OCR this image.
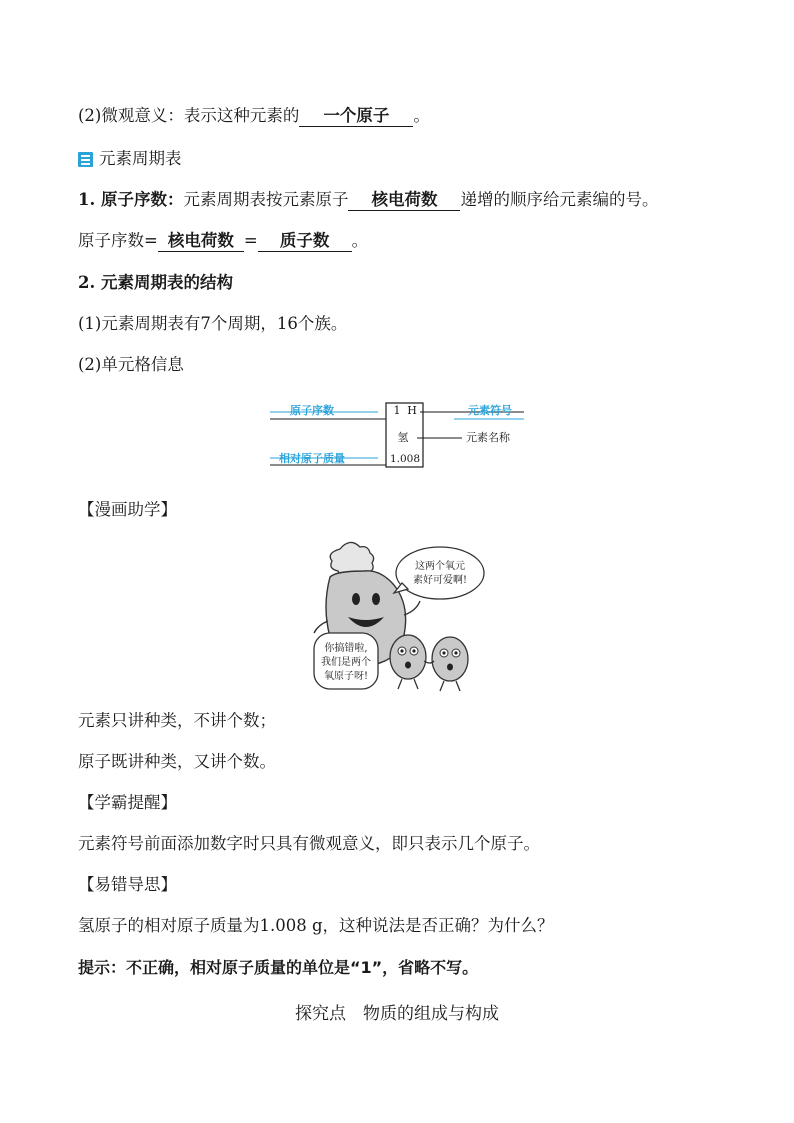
(2)微观意义：表示这种元素的 一个原子 。
元素周期表
1. 原子序数：元素周期表按元素原子 核电荷数 递增的顺序给元素编的号。
原子序数= 核电荷数 = 质子数 。
2. 元素周期表的结构
(1)元素周期表有7个周期，16个族。
(2)单元格信息
原子序数	元素符号
元素名称
相对原子质量
1 H
氢
1.008
【漫画助学】
这两个氧元
素好可爱啊!
你搞错啦,
我们是两个
氧原子呀!
元素只讲种类，不讲个数；
原子既讲种类，又讲个数。
【学霸提醒】
元素符号前面添加数字时只具有微观意义，即只表示几个原子。
【易错导思】
氢原子的相对原子质量为1.008 g，这种说法是否正确？为什么？
提示：不正确，相对原子质量的单位是“1”，省略不写。
探究点　物质的组成与构成
